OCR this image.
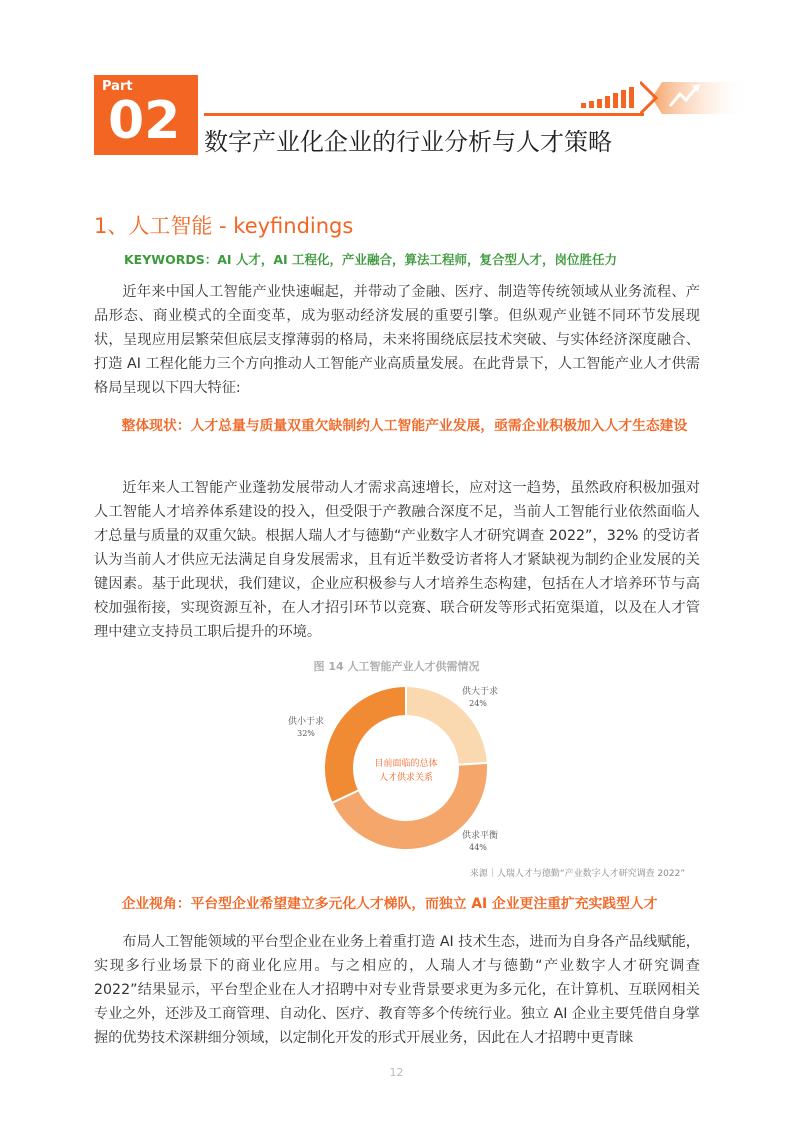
Part
02 数字产业化企业的行业分析与人才策略
1、人工智能 - keyfindings
KEYWORDS：AI 人才，AI 工程化，产业融合，算法工程师，复合型人才，岗位胜任力

近年来中国人工智能产业快速崛起，并带动了金融、医疗、制造等传统领域从业务流程、产品形态、商业模式的全面变革，成为驱动经济发展的重要引擎。但纵观产业链不同环节发展现状，呈现应用层繁荣但底层支撑薄弱的格局，未来将围绕底层技术突破、与实体经济深度融合、打造 AI 工程化能力三个方向推动人工智能产业高质量发展。在此背景下，人工智能产业人才供需格局呈现以下四大特征:

整体现状：人才总量与质量双重欠缺制约人工智能产业发展，亟需企业积极加入人才生态建设

近年来人工智能产业蓬勃发展带动人才需求高速增长，应对这一趋势，虽然政府积极加强对人工智能人才培养体系建设的投入，但受限于产教融合深度不足，当前人工智能行业依然面临人才总量与质量的双重欠缺。根据人瑞人才与德勤“产业数字人才研究调查 2022”，32% 的受访者认为当前人才供应无法满足自身发展需求，且有近半数受访者将人才紧缺视为制约企业发展的关键因素。基于此现状，我们建议，企业应积极参与人才培养生态构建，包括在人才培养环节与高校加强衔接，实现资源互补，在人才招引环节以竞赛、联合研发等形式拓宽渠道，以及在人才管理中建立支持员工职后提升的环境。

图 14 人工智能产业人才供需情况
供大于求
24%
供求平衡
44%
供小于求
32%
目前面临的总体
人才供求关系
来源｜人瑞人才与德勤“产业数字人才研究调查 2022”

企业视角：平台型企业希望建立多元化人才梯队，而独立 AI 企业更注重扩充实践型人才

布局人工智能领域的平台型企业在业务上着重打造 AI 技术生态，进而为自身各产品线赋能，实现多行业场景下的商业化应用。与之相应的，人瑞人才与德勤“产业数字人才研究调查 2022”结果显示，平台型企业在人才招聘中对专业背景要求更为多元化，在计算机、互联网相关专业之外，还涉及工商管理、自动化、医疗、教育等多个传统行业。独立 AI 企业主要凭借自身掌握的优势技术深耕细分领域，以定制化开发的形式开展业务，因此在人才招聘中更青睐

12
